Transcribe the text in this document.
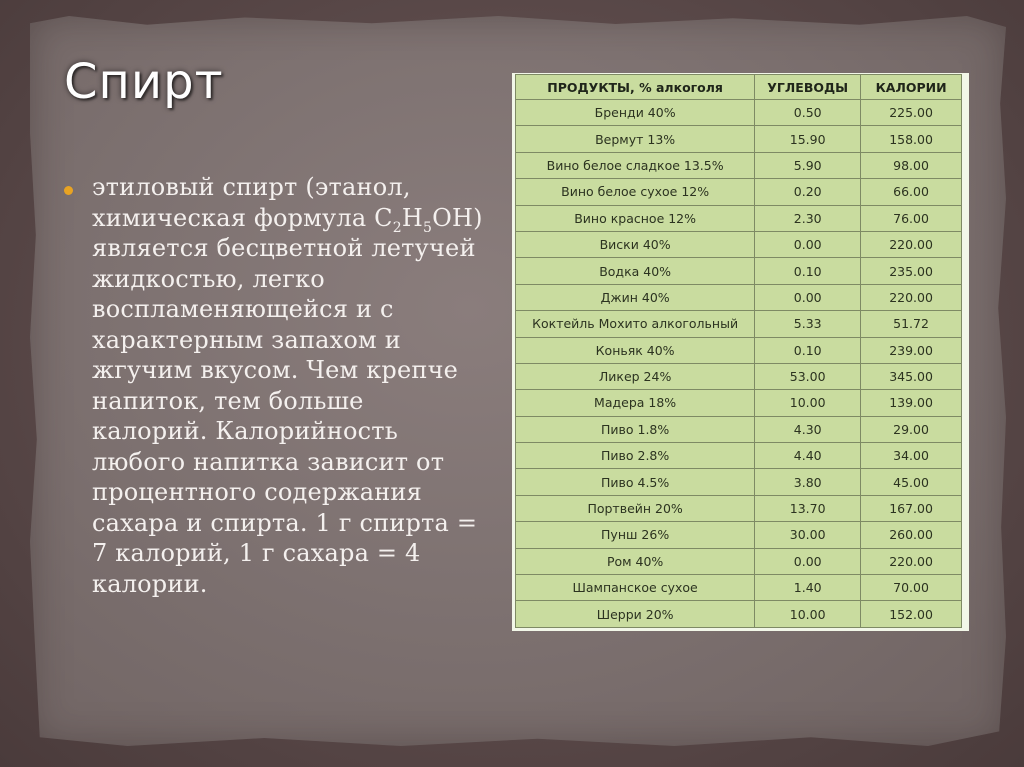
Спирт

этиловый спирт (этанол, химическая формула $C_2H_5OH$) является бесцветной летучей жидкостью, легко воспламеняющейся и с характерным запахом и жгучим вкусом. Чем крепче напиток, тем больше калорий. Калорийность любого напитка зависит от процентного содержания сахара и спирта. 1 г спирта = 7 калорий, 1 г сахара = 4 калории.

ПРОДУКТЫ, % алкоголя	УГЛЕВОДЫ	КАЛОРИИ
Бренди 40%	0.50	225.00
Вермут 13%	15.90	158.00
Вино белое сладкое 13.5%	5.90	98.00
Вино белое сухое 12%	0.20	66.00
Вино красное 12%	2.30	76.00
Виски 40%	0.00	220.00
Водка 40%	0.10	235.00
Джин 40%	0.00	220.00
Коктейль Мохито алкогольный	5.33	51.72
Коньяк 40%	0.10	239.00
Ликер 24%	53.00	345.00
Мадера 18%	10.00	139.00
Пиво 1.8%	4.30	29.00
Пиво 2.8%	4.40	34.00
Пиво 4.5%	3.80	45.00
Портвейн 20%	13.70	167.00
Пунш 26%	30.00	260.00
Ром 40%	0.00	220.00
Шампанское сухое	1.40	70.00
Шерри 20%	10.00	152.00
